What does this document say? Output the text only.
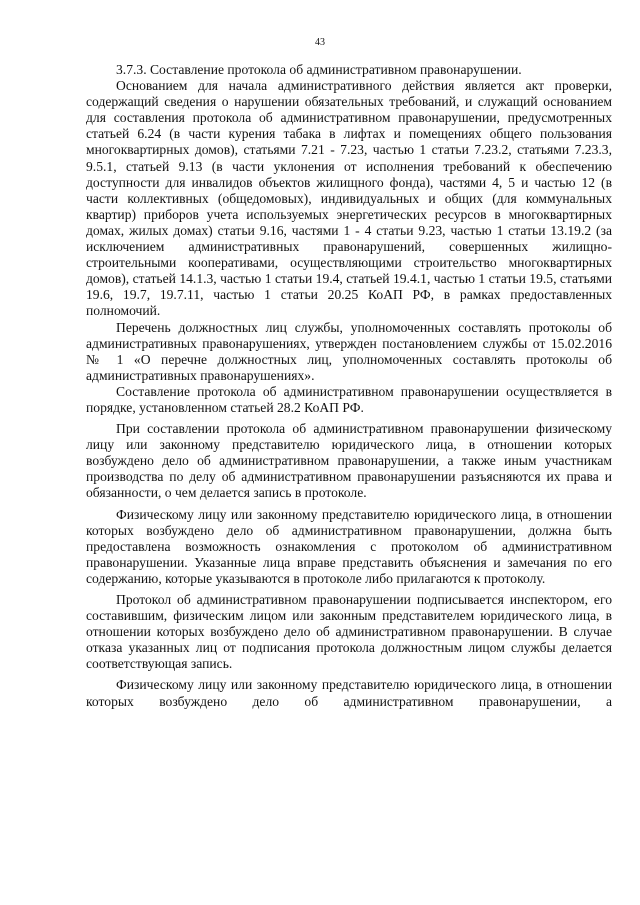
43

3.7.3. Составление протокола об административном правонарушении.

Основанием для начала административного действия является акт проверки, содержащий сведения о нарушении обязательных требований, и служащий основанием для составления протокола об административном правонарушении, предусмотренных статьей 6.24 (в части курения табака в лифтах и помещениях общего пользования многоквартирных домов), статьями 7.21 - 7.23, частью 1 статьи 7.23.2, статьями 7.23.3, 9.5.1, статьей 9.13 (в части уклонения от исполнения требований к обеспечению доступности для инвалидов объектов жилищного фонда), частями 4, 5 и частью 12 (в части коллективных (общедомовых), индивидуальных и общих (для коммунальных квартир) приборов учета используемых энергетических ресурсов в многоквартирных домах, жилых домах) статьи 9.16, частями 1 - 4 статьи 9.23, частью 1 статьи 13.19.2 (за исключением административных правонарушений, совершенных жилищно-строительными кооперативами, осуществляющими строительство многоквартирных домов), статьей 14.1.3, частью 1 статьи 19.4, статьей 19.4.1, частью 1 статьи 19.5, статьями 19.6, 19.7, 19.7.11, частью 1 статьи 20.25 КоАП РФ, в рамках предоставленных полномочий.

Перечень должностных лиц службы, уполномоченных составлять протоколы об административных правонарушениях, утвержден постановлением службы от 15.02.2016 № 1 «О перечне должностных лиц, уполномоченных составлять протоколы об административных правонарушениях».

Составление протокола об административном правонарушении осуществляется в порядке, установленном статьей 28.2 КоАП РФ.

При составлении протокола об административном правонарушении физическому лицу или законному представителю юридического лица, в отношении которых возбуждено дело об административном правонарушении, а также иным участникам производства по делу об административном правонарушении разъясняются их права и обязанности, о чем делается запись в протоколе.

Физическому лицу или законному представителю юридического лица, в отношении которых возбуждено дело об административном правонарушении, должна быть предоставлена возможность ознакомления с протоколом об административном правонарушении. Указанные лица вправе представить объяснения и замечания по его содержанию, которые указываются в протоколе либо прилагаются к протоколу.

Протокол об административном правонарушении подписывается инспектором, его составившим, физическим лицом или законным представителем юридического лица, в отношении которых возбуждено дело об административном правонарушении. В случае отказа указанных лиц от подписания протокола должностным лицом службы делается соответствующая запись.

Физическому лицу или законному представителю юридического лица, в отношении которых возбуждено дело об административном правонарушении, а
